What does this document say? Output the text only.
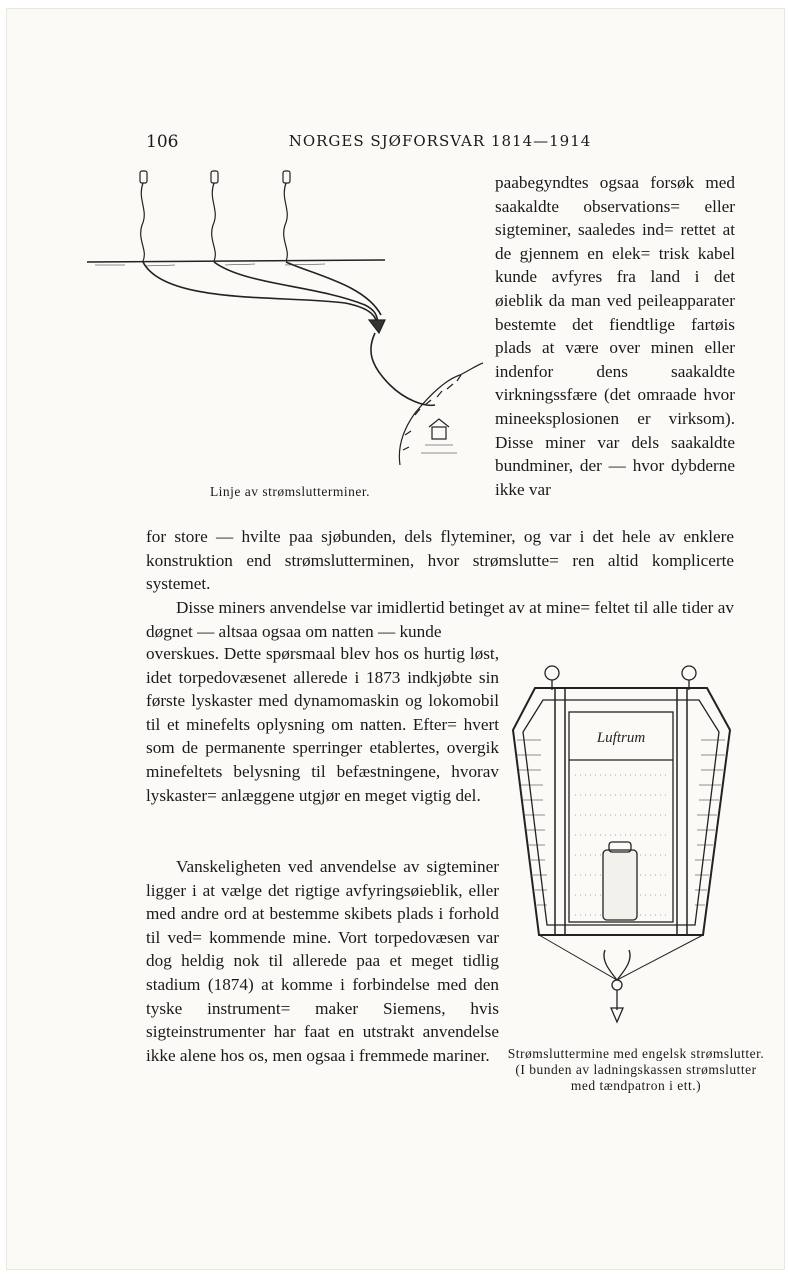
106	NORGES SJØFORSVAR 1814—1914
Linje av strømslutterminer.

paabegyndtes ogsaa forsøk med saakaldte observations= eller sigteminer, saaledes ind= rettet at de gjennem en elek= trisk kabel kunde avfyres fra land i det øieblik da man ved peileapparater bestemte det fiendtlige fartøis plads at være over minen eller indenfor dens saakaldte virkningssfære (det omraade hvor mineeksplosionen er virksom). Disse miner var dels saakaldte bundminer, der — hvor dybderne ikke var

for store — hvilte paa sjøbunden, dels flyteminer, og var i det hele av enklere konstruktion end strømslutterminen, hvor strømslutte= ren altid komplicerte systemet.

Disse miners anvendelse var imidlertid betinget av at mine= feltet til alle tider av døgnet — altsaa ogsaa om natten — kunde

overskues. Dette spørsmaal blev hos os hurtig løst, idet torpedovæsenet allerede i 1873 indkjøbte sin første lyskaster med dynamomaskin og lokomobil til et minefelts oplysning om natten. Efter= hvert som de permanente sperringer etablertes, overgik minefeltets belysning til befæstningene, hvorav lyskaster= anlæggene utgjør en meget vigtig del.

Vanskeligheten ved anvendelse av sigteminer ligger i at vælge det rigtige avfyringsøieblik, eller med andre ord at bestemme skibets plads i forhold til ved= kommende mine. Vort torpedovæsen var dog heldig nok til allerede paa et meget tidlig stadium (1874) at komme i forbindelse med den tyske instrument= maker Siemens, hvis sigteinstrumenter har faat en utstrakt anvendelse ikke alene hos os, men ogsaa i fremmede mariner.

Luftrum
Strømsluttermine med engelsk strømslutter. (I bunden av ladningskassen strømslutter med tændpatron i ett.)
